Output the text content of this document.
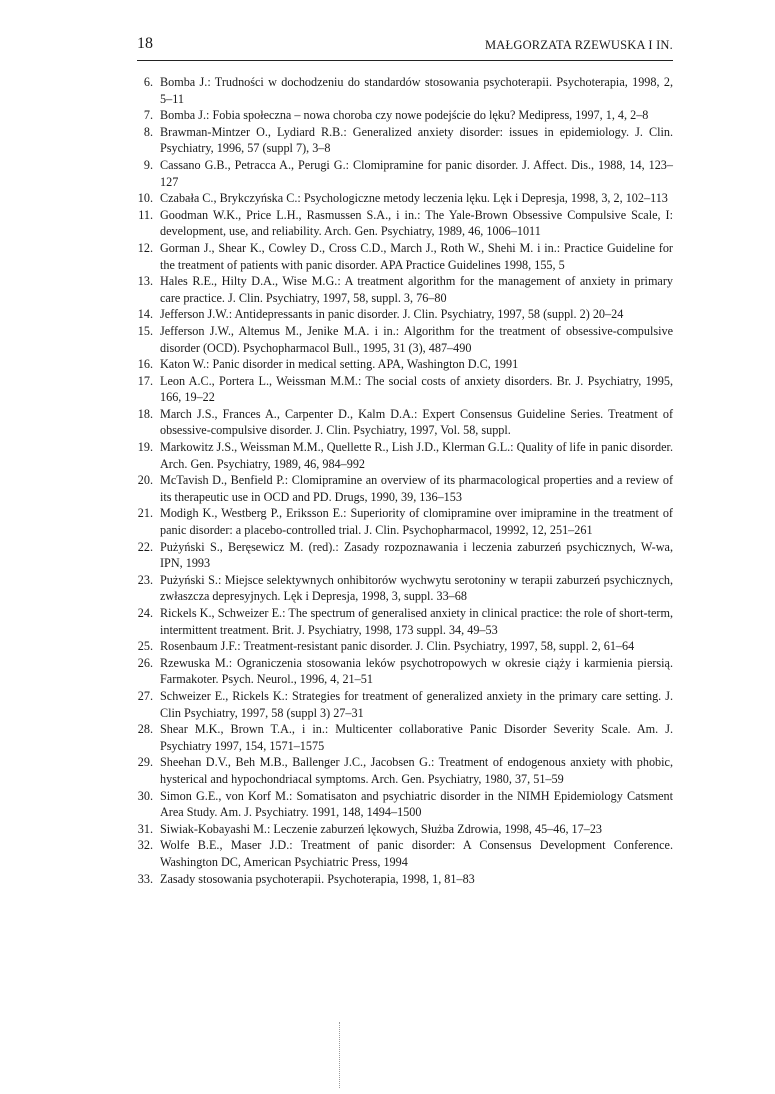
18	MAŁGORZATA RZEWUSKA I IN.
6. Bomba J.: Trudności w dochodzeniu do standardów stosowania psychoterapii. Psychoterapia, 1998, 2, 5–11
7. Bomba J.: Fobia społeczna – nowa choroba czy nowe podejście do lęku? Medipress, 1997, 1, 4, 2–8
8. Brawman-Mintzer O., Lydiard R.B.: Generalized anxiety disorder: issues in epidemiology. J. Clin. Psychiatry, 1996, 57 (suppl 7), 3–8
9. Cassano G.B., Petracca A., Perugi G.: Clomipramine for panic disorder. J. Affect. Dis., 1988, 14, 123–127
10. Czabała C., Brykczyńska C.: Psychologiczne metody leczenia lęku. Lęk i Depresja, 1998, 3, 2, 102–113
11. Goodman W.K., Price L.H., Rasmussen S.A., i in.: The Yale-Brown Obsessive Compulsive Scale, I: development, use, and reliability. Arch. Gen. Psychiatry, 1989, 46, 1006–1011
12. Gorman J., Shear K., Cowley D., Cross C.D., March J., Roth W., Shehi M. i in.: Practice Guideline for the treatment of patients with panic disorder. APA Practice Guidelines 1998, 155, 5
13. Hales R.E., Hilty D.A., Wise M.G.: A treatment algorithm for the management of anxiety in primary care practice. J. Clin. Psychiatry, 1997, 58, suppl. 3, 76–80
14. Jefferson J.W.: Antidepressants in panic disorder. J. Clin. Psychiatry, 1997, 58 (suppl. 2) 20–24
15. Jefferson J.W., Altemus M., Jenike M.A. i in.: Algorithm for the treatment of obsessive-compulsive disorder (OCD). Psychopharmacol Bull., 1995, 31 (3), 487–490
16. Katon W.: Panic disorder in medical setting. APA, Washington D.C, 1991
17. Leon A.C., Portera L., Weissman M.M.: The social costs of anxiety disorders. Br. J. Psychiatry, 1995, 166, 19–22
18. March J.S., Frances A., Carpenter D., Kalm D.A.: Expert Consensus Guideline Series. Treatment of obsessive-compulsive disorder. J. Clin. Psychiatry, 1997, Vol. 58, suppl.
19. Markowitz J.S., Weissman M.M., Quellette R., Lish J.D., Klerman G.L.: Quality of life in panic disorder. Arch. Gen. Psychiatry, 1989, 46, 984–992
20. McTavish D., Benfield P.: Clomipramine an overview of its pharmacological properties and a review of its therapeutic use in OCD and PD. Drugs, 1990, 39, 136–153
21. Modigh K., Westberg P., Eriksson E.: Superiority of clomipramine over imipramine in the treatment of panic disorder: a placebo-controlled trial. J. Clin. Psychopharmacol, 19992, 12, 251–261
22. Pużyński S., Beręsewicz M. (red).: Zasady rozpoznawania i leczenia zaburzeń psychicznych, W-wa, IPN, 1993
23. Pużyński S.: Miejsce selektywnych onhibitorów wychwytu serotoniny w terapii zaburzeń psychicznych, zwłaszcza depresyjnych. Lęk i Depresja, 1998, 3, suppl. 33–68
24. Rickels K., Schweizer E.: The spectrum of generalised anxiety in clinical practice: the role of short-term, intermittent treatment. Brit. J. Psychiatry, 1998, 173 suppl. 34, 49–53
25. Rosenbaum J.F.: Treatment-resistant panic disorder. J. Clin. Psychiatry, 1997, 58, suppl. 2, 61–64
26. Rzewuska M.: Ograniczenia stosowania leków psychotropowych w okresie ciąży i karmienia piersią. Farmakoter. Psych. Neurol., 1996, 4, 21–51
27. Schweizer E., Rickels K.: Strategies for treatment of generalized anxiety in the primary care setting. J. Clin Psychiatry, 1997, 58 (suppl 3) 27–31
28. Shear M.K., Brown T.A., i in.: Multicenter collaborative Panic Disorder Severity Scale. Am. J. Psychiatry 1997, 154, 1571–1575
29. Sheehan D.V., Beh M.B., Ballenger J.C., Jacobsen G.: Treatment of endogenous anxiety with phobic, hysterical and hypochondriacal symptoms. Arch. Gen. Psychiatry, 1980, 37, 51–59
30. Simon G.E., von Korf M.: Somatisaton and psychiatric disorder in the NIMH Epidemiology Catsment Area Study. Am. J. Psychiatry. 1991, 148, 1494–1500
31. Siwiak-Kobayashi M.: Leczenie zaburzeń lękowych, Służba Zdrowia, 1998, 45–46, 17–23
32. Wolfe B.E., Maser J.D.: Treatment of panic disorder: A Consensus Development Conference. Washington DC, American Psychiatric Press, 1994
33. Zasady stosowania psychoterapii. Psychoterapia, 1998, 1, 81–83
